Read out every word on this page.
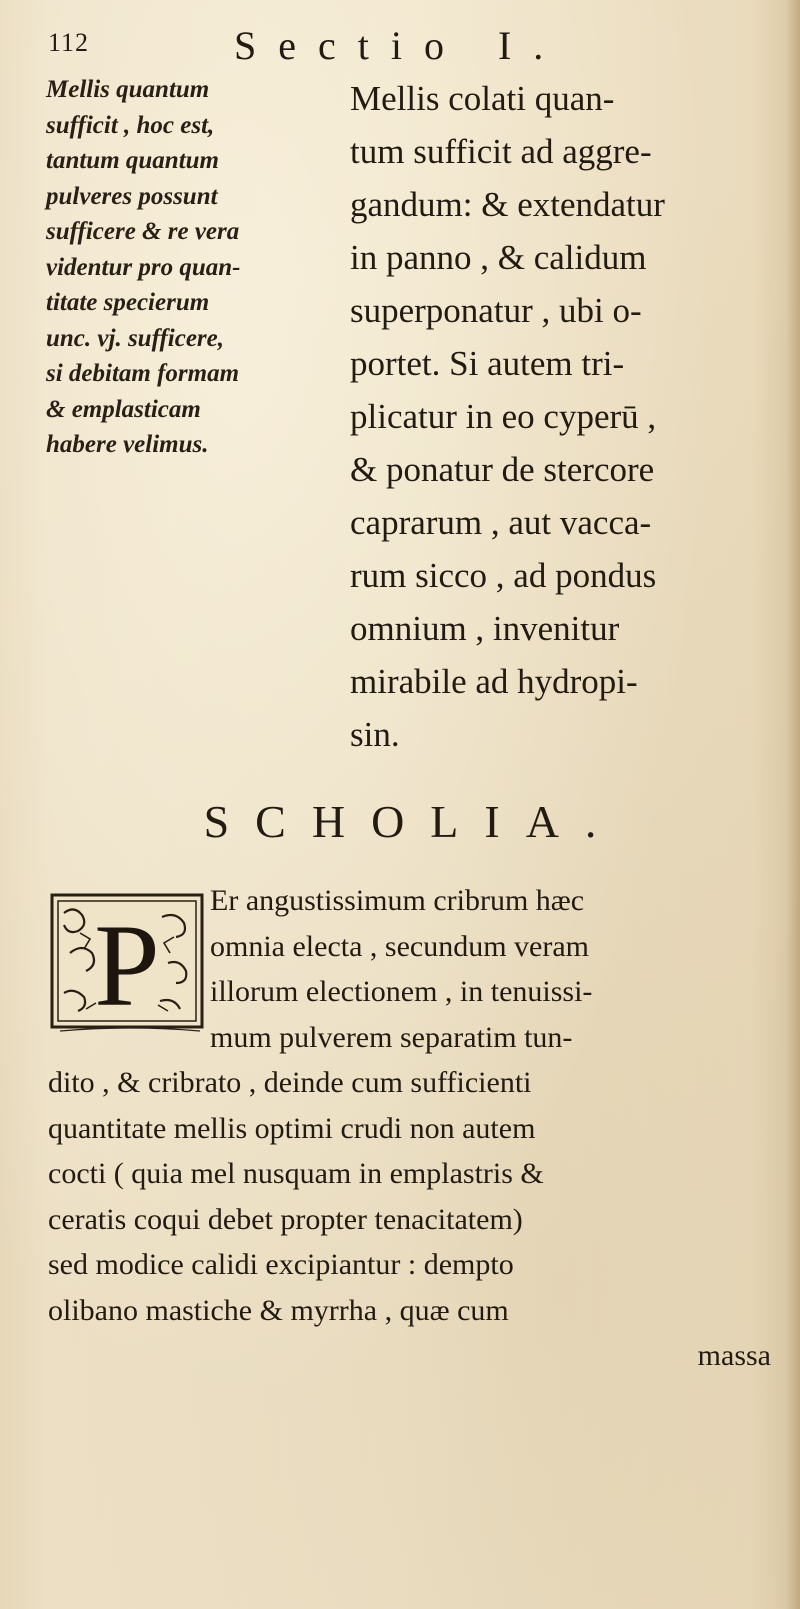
112	Sectio I.
Mellis quantum
sufficit , hoc est,
tantum quantum
pulveres possunt
sufficere & re vera
videntur pro quan-
titate specierum
unc. vj. sufficere,
si debitam formam
& emplasticam
habere velimus.
Mellis colati quan-
tum sufficit ad aggre-
gandum: & extendatur
in panno , & calidum
superponatur , ubi o-
portet. Si autem tri-
plicatur in eo cyperū ,
& ponatur de stercore
caprarum , aut vacca-
rum sicco , ad pondus
omnium , invenitur
mirabile ad hydropi-
sin.
SCHOLIA.
P	Er angustissimum cribrum hæc
omnia electa , secundum veram
illorum electionem , in tenuissi-
mum pulverem separatim tun-
dito , & cribrato , deinde cum sufficienti
quantitate mellis optimi crudi non autem
cocti ( quia mel nusquam in emplastris &
ceratis coqui debet propter tenacitatem)
sed modice calidi excipiantur : dempto
olibano mastiche & myrrha , quæ cum
massa
